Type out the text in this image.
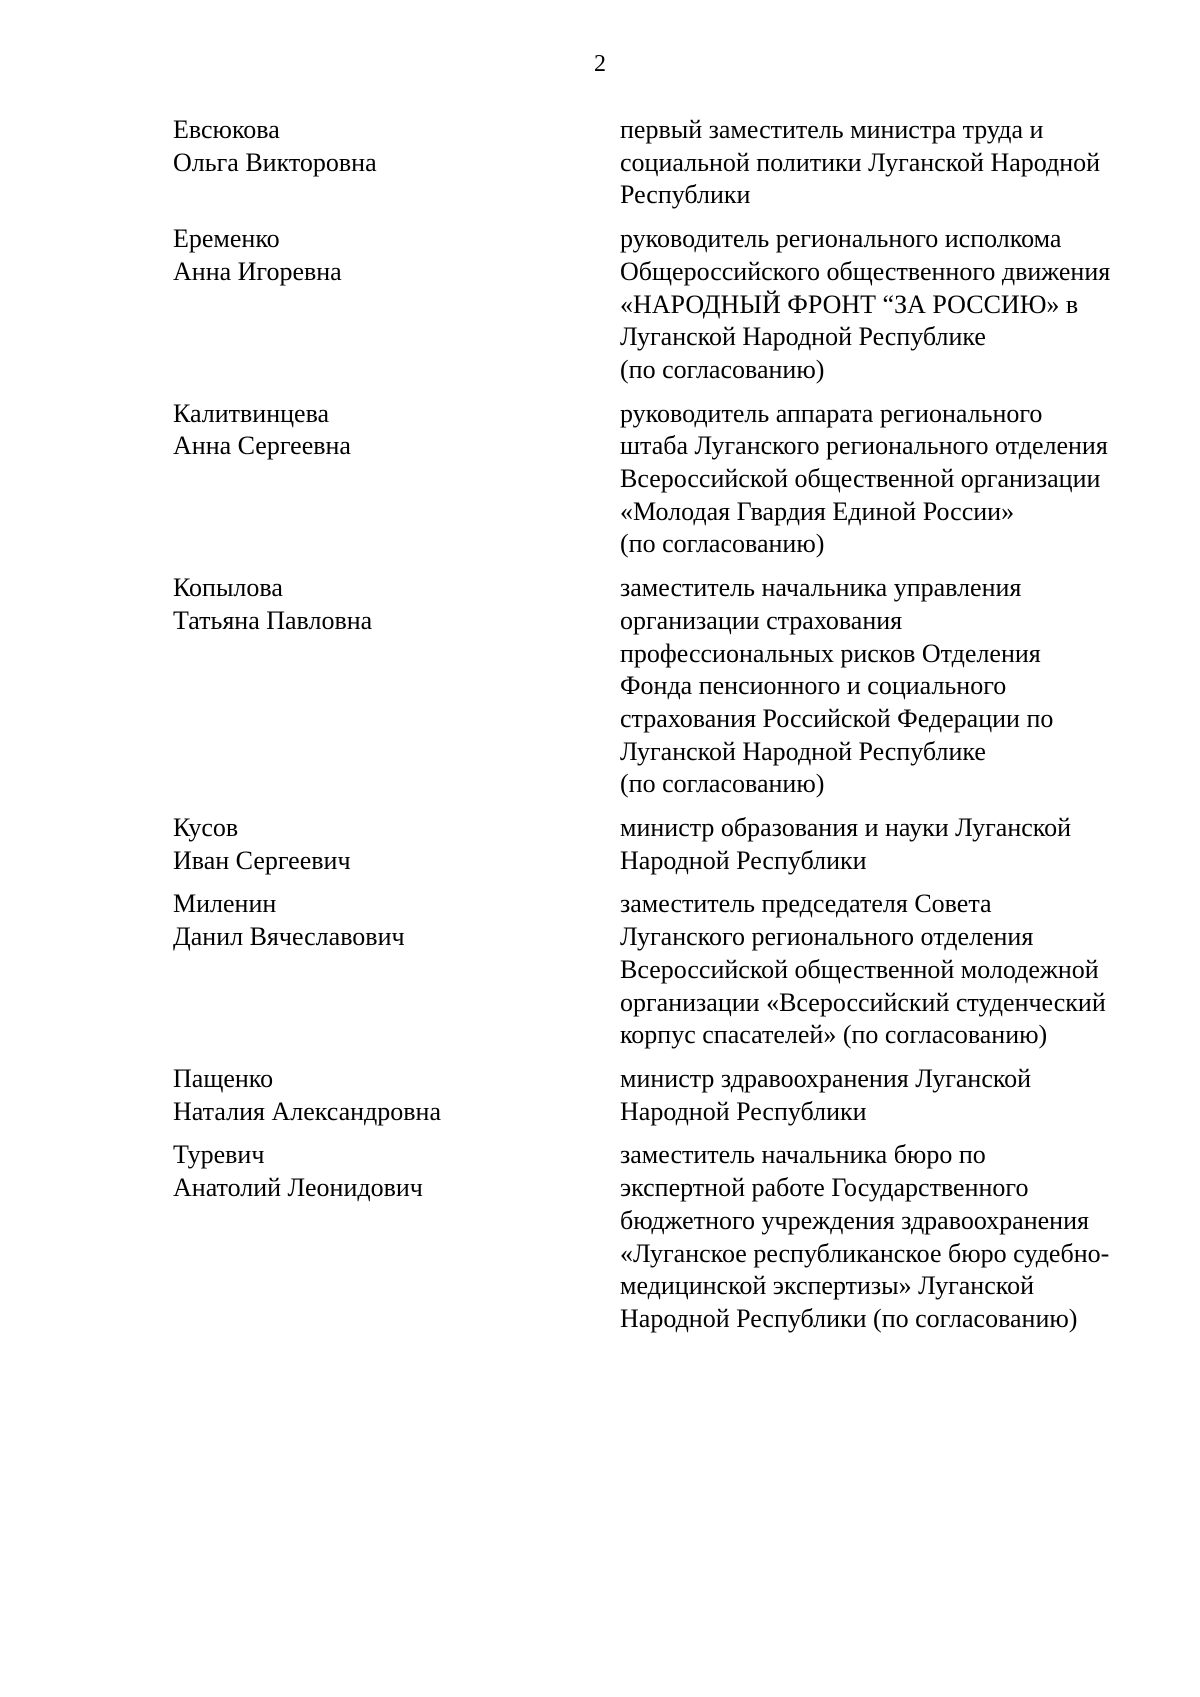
2
Евсюкова
Ольга Викторовна
первый заместитель министра труда и
социальной политики Луганской Народной
Республики
Еременко
Анна Игоревна
руководитель регионального исполкома
Общероссийского общественного движения
«НАРОДНЫЙ ФРОНТ “ЗА РОССИЮ» в
Луганской Народной Республике
(по согласованию)
Калитвинцева
Анна Сергеевна
руководитель аппарата регионального
штаба Луганского регионального отделения
Всероссийской общественной организации
«Молодая Гвардия Единой России»
(по согласованию)
Копылова
Татьяна Павловна
заместитель начальника управления
организации страхования
профессиональных рисков Отделения
Фонда пенсионного и социального
страхования Российской Федерации по
Луганской Народной Республике
(по согласованию)
Кусов
Иван Сергеевич
министр образования и науки Луганской
Народной Республики
Миленин
Данил Вячеславович
заместитель председателя Совета
Луганского регионального отделения
Всероссийской общественной молодежной
организации «Всероссийский студенческий
корпус спасателей» (по согласованию)
Пащенко
Наталия Александровна
министр здравоохранения Луганской
Народной Республики
Туревич
Анатолий Леонидович
заместитель начальника бюро по
экспертной работе Государственного
бюджетного учреждения здравоохранения
«Луганское республиканское бюро судебно-
медицинской экспертизы» Луганской
Народной Республики (по согласованию)
